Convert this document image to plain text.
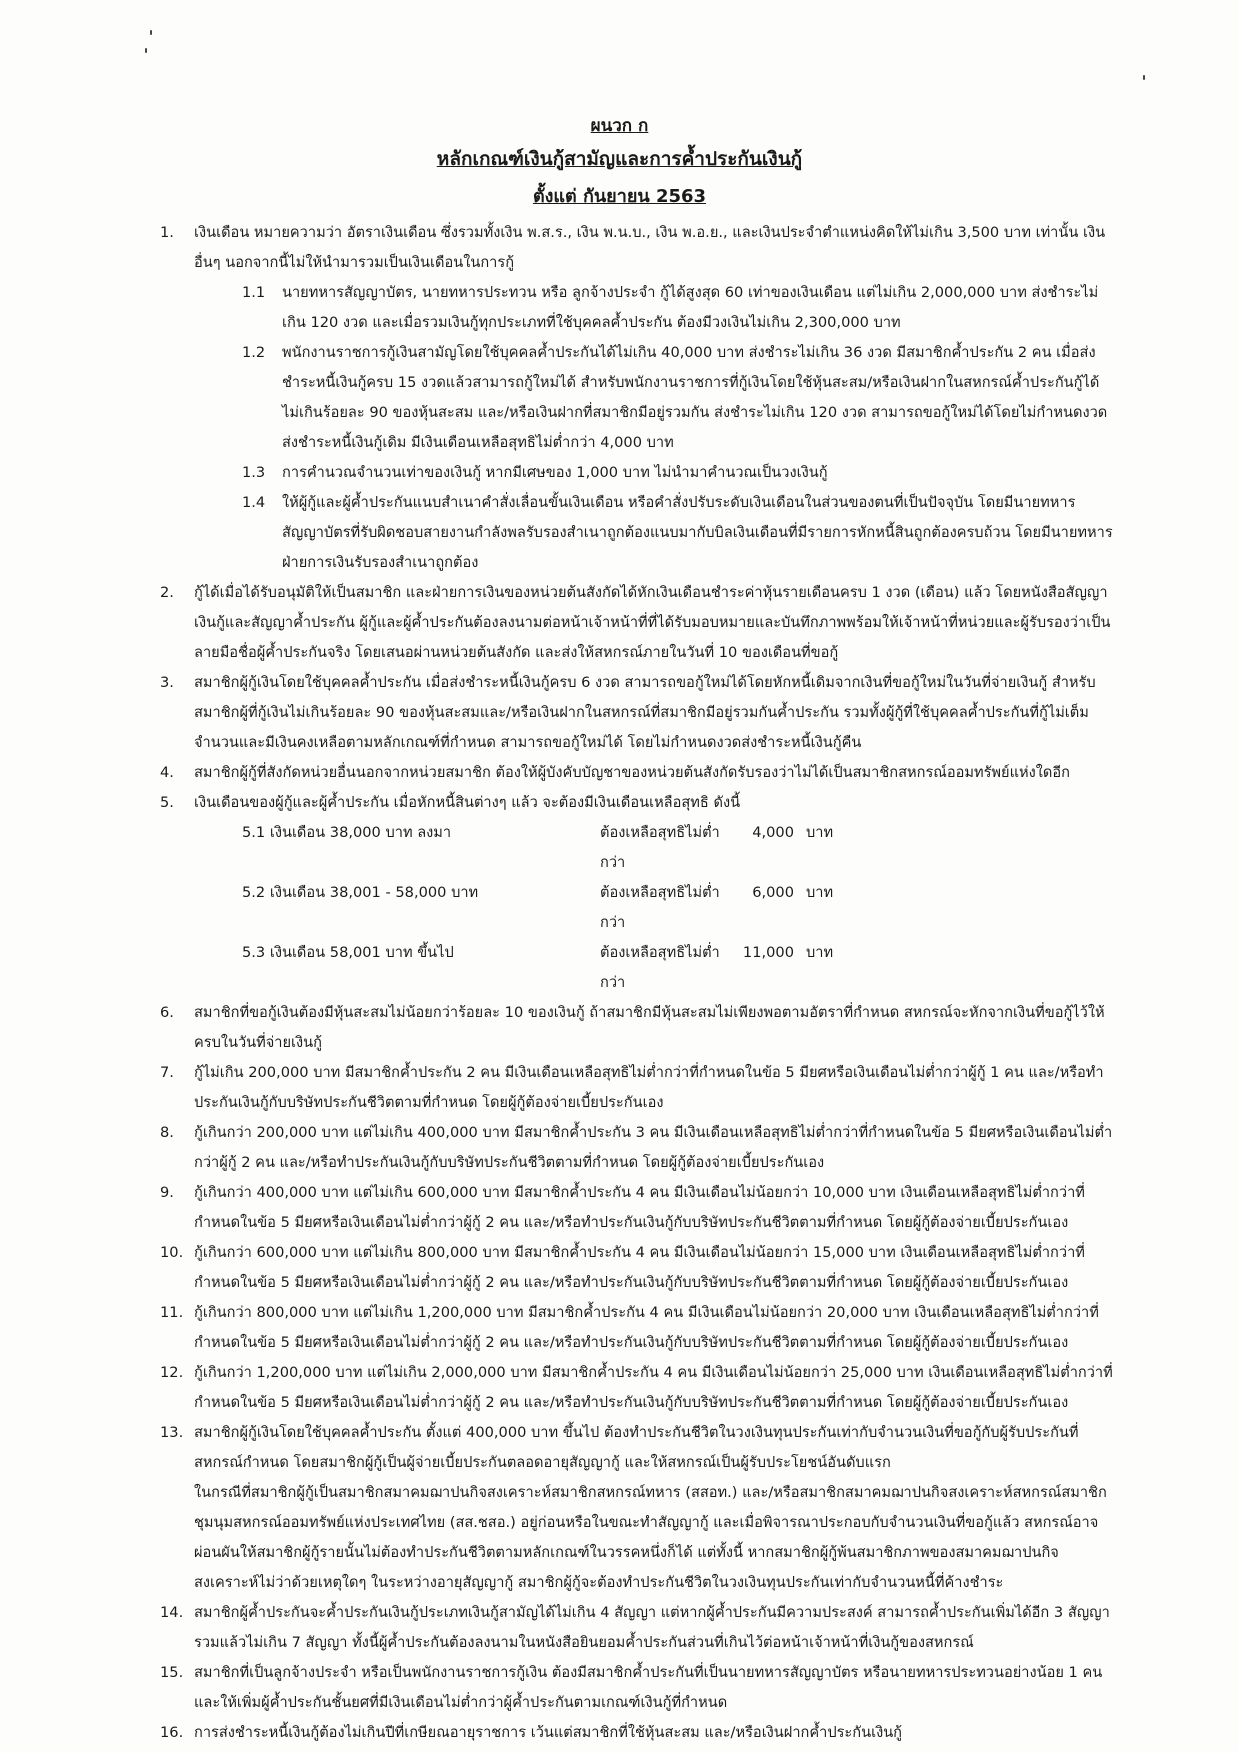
ผนวก ก
หลักเกณฑ์เงินกู้สามัญและการค้ำประกันเงินกู้
ตั้งแต่ กันยายน 2563
1.	เงินเดือน หมายความว่า อัตราเงินเดือน ซึ่งรวมทั้งเงิน พ.ส.ร., เงิน พ.น.บ., เงิน พ.อ.ย., และเงินประจำตำแหน่งคิดให้ไม่เกิน 3,500 บาท เท่านั้น เงินอื่นๆ นอกจากนี้ไม่ให้นำมารวมเป็นเงินเดือนในการกู้
1.1	นายทหารสัญญาบัตร, นายทหารประทวน หรือ ลูกจ้างประจำ กู้ได้สูงสุด 60 เท่าของเงินเดือน แต่ไม่เกิน 2,000,000 บาท ส่งชำระไม่เกิน 120 งวด และเมื่อรวมเงินกู้ทุกประเภทที่ใช้บุคคลค้ำประกัน ต้องมีวงเงินไม่เกิน 2,300,000 บาท
1.2	พนักงานราชการกู้เงินสามัญโดยใช้บุคคลค้ำประกันได้ไม่เกิน 40,000 บาท ส่งชำระไม่เกิน 36 งวด มีสมาชิกค้ำประกัน 2 คน เมื่อส่งชำระหนี้เงินกู้ครบ 15 งวดแล้วสามารถกู้ใหม่ได้ สำหรับพนักงานราชการที่กู้เงินโดยใช้หุ้นสะสม/หรือเงินฝากในสหกรณ์ค้ำประกันกู้ได้ไม่เกินร้อยละ 90 ของหุ้นสะสม และ/หรือเงินฝากที่สมาชิกมีอยู่รวมกัน ส่งชำระไม่เกิน 120 งวด สามารถขอกู้ใหม่ได้โดยไม่กำหนดงวดส่งชำระหนี้เงินกู้เดิม มีเงินเดือนเหลือสุทธิไม่ต่ำกว่า 4,000 บาท
1.3	การคำนวณจำนวนเท่าของเงินกู้ หากมีเศษของ 1,000 บาท ไม่นำมาคำนวณเป็นวงเงินกู้
1.4	ให้ผู้กู้และผู้ค้ำประกันแนบสำเนาคำสั่งเลื่อนขั้นเงินเดือน หรือคำสั่งปรับระดับเงินเดือนในส่วนของตนที่เป็นปัจจุบัน โดยมีนายทหารสัญญาบัตรที่รับผิดชอบสายงานกำลังพลรับรองสำเนาถูกต้องแนบมากับบิลเงินเดือนที่มีรายการหักหนี้สินถูกต้องครบถ้วน โดยมีนายทหารฝ่ายการเงินรับรองสำเนาถูกต้อง
2.	กู้ได้เมื่อได้รับอนุมัติให้เป็นสมาชิก และฝ่ายการเงินของหน่วยต้นสังกัดได้หักเงินเดือนชำระค่าหุ้นรายเดือนครบ 1 งวด (เดือน) แล้ว โดยหนังสือสัญญาเงินกู้และสัญญาค้ำประกัน ผู้กู้และผู้ค้ำประกันต้องลงนามต่อหน้าเจ้าหน้าที่ที่ได้รับมอบหมายและบันทึกภาพพร้อมให้เจ้าหน้าที่หน่วยและผู้รับรองว่าเป็นลายมือชื่อผู้ค้ำประกันจริง โดยเสนอผ่านหน่วยต้นสังกัด และส่งให้สหกรณ์ภายในวันที่ 10 ของเดือนที่ขอกู้
3.	สมาชิกผู้กู้เงินโดยใช้บุคคลค้ำประกัน เมื่อส่งชำระหนี้เงินกู้ครบ 6 งวด สามารถขอกู้ใหม่ได้โดยหักหนี้เดิมจากเงินที่ขอกู้ใหม่ในวันที่จ่ายเงินกู้ สำหรับสมาชิกผู้ที่กู้เงินไม่เกินร้อยละ 90 ของหุ้นสะสมและ/หรือเงินฝากในสหกรณ์ที่สมาชิกมีอยู่รวมกันค้ำประกัน รวมทั้งผู้กู้ที่ใช้บุคคลค้ำประกันที่กู้ไม่เต็มจำนวนและมีเงินคงเหลือตามหลักเกณฑ์ที่กำหนด สามารถขอกู้ใหม่ได้ โดยไม่กำหนดงวดส่งชำระหนี้เงินกู้คืน
4.	สมาชิกผู้กู้ที่สังกัดหน่วยอื่นนอกจากหน่วยสมาชิก ต้องให้ผู้บังคับบัญชาของหน่วยต้นสังกัดรับรองว่าไม่ได้เป็นสมาชิกสหกรณ์ออมทรัพย์แห่งใดอีก
5.	เงินเดือนของผู้กู้และผู้ค้ำประกัน เมื่อหักหนี้สินต่างๆ แล้ว จะต้องมีเงินเดือนเหลือสุทธิ ดังนี้
5.1 เงินเดือน 38,000 บาท ลงมา	ต้องเหลือสุทธิไม่ต่ำกว่า
4,000 บาท
5.2 เงินเดือน 38,001 - 58,000 บาท	ต้องเหลือสุทธิไม่ต่ำกว่า
6,000 บาท
5.3 เงินเดือน 58,001 บาท ขึ้นไป	ต้องเหลือสุทธิไม่ต่ำกว่า
11,000 บาท
6.	สมาชิกที่ขอกู้เงินต้องมีหุ้นสะสมไม่น้อยกว่าร้อยละ 10 ของเงินกู้ ถ้าสมาชิกมีหุ้นสะสมไม่เพียงพอตามอัตราที่กำหนด สหกรณ์จะหักจากเงินที่ขอกู้ไว้ให้ครบในวันที่จ่ายเงินกู้
7.	กู้ไม่เกิน 200,000 บาท มีสมาชิกค้ำประกัน 2 คน มีเงินเดือนเหลือสุทธิไม่ต่ำกว่าที่กำหนดในข้อ 5 มียศหรือเงินเดือนไม่ต่ำกว่าผู้กู้ 1 คน และ/หรือทำประกันเงินกู้กับบริษัทประกันชีวิตตามที่กำหนด โดยผู้กู้ต้องจ่ายเบี้ยประกันเอง
8.	กู้เกินกว่า 200,000 บาท แต่ไม่เกิน 400,000 บาท มีสมาชิกค้ำประกัน 3 คน มีเงินเดือนเหลือสุทธิไม่ต่ำกว่าที่กำหนดในข้อ 5 มียศหรือเงินเดือนไม่ต่ำกว่าผู้กู้ 2 คน และ/หรือทำประกันเงินกู้กับบริษัทประกันชีวิตตามที่กำหนด โดยผู้กู้ต้องจ่ายเบี้ยประกันเอง
9.	กู้เกินกว่า 400,000 บาท แต่ไม่เกิน 600,000 บาท มีสมาชิกค้ำประกัน 4 คน มีเงินเดือนไม่น้อยกว่า 10,000 บาท เงินเดือนเหลือสุทธิไม่ต่ำกว่าที่กำหนดในข้อ 5 มียศหรือเงินเดือนไม่ต่ำกว่าผู้กู้ 2 คน และ/หรือทำประกันเงินกู้กับบริษัทประกันชีวิตตามที่กำหนด โดยผู้กู้ต้องจ่ายเบี้ยประกันเอง
10. กู้เกินกว่า 600,000 บาท แต่ไม่เกิน 800,000 บาท มีสมาชิกค้ำประกัน 4 คน มีเงินเดือนไม่น้อยกว่า 15,000 บาท เงินเดือนเหลือสุทธิไม่ต่ำกว่าที่กำหนดในข้อ 5 มียศหรือเงินเดือนไม่ต่ำกว่าผู้กู้ 2 คน และ/หรือทำประกันเงินกู้กับบริษัทประกันชีวิตตามที่กำหนด โดยผู้กู้ต้องจ่ายเบี้ยประกันเอง
11. กู้เกินกว่า 800,000 บาท แต่ไม่เกิน 1,200,000 บาท มีสมาชิกค้ำประกัน 4 คน มีเงินเดือนไม่น้อยกว่า 20,000 บาท เงินเดือนเหลือสุทธิไม่ต่ำกว่าที่กำหนดในข้อ 5 มียศหรือเงินเดือนไม่ต่ำกว่าผู้กู้ 2 คน และ/หรือทำประกันเงินกู้กับบริษัทประกันชีวิตตามที่กำหนด โดยผู้กู้ต้องจ่ายเบี้ยประกันเอง
12. กู้เกินกว่า 1,200,000 บาท แต่ไม่เกิน 2,000,000 บาท มีสมาชิกค้ำประกัน 4 คน มีเงินเดือนไม่น้อยกว่า 25,000 บาท เงินเดือนเหลือสุทธิไม่ต่ำกว่าที่กำหนดในข้อ 5 มียศหรือเงินเดือนไม่ต่ำกว่าผู้กู้ 2 คน และ/หรือทำประกันเงินกู้กับบริษัทประกันชีวิตตามที่กำหนด โดยผู้กู้ต้องจ่ายเบี้ยประกันเอง
13. สมาชิกผู้กู้เงินโดยใช้บุคคลค้ำประกัน ตั้งแต่ 400,000 บาท ขึ้นไป ต้องทำประกันชีวิตในวงเงินทุนประกันเท่ากับจำนวนเงินที่ขอกู้กับผู้รับประกันที่สหกรณ์กำหนด โดยสมาชิกผู้กู้เป็นผู้จ่ายเบี้ยประกันตลอดอายุสัญญากู้ และให้สหกรณ์เป็นผู้รับประโยชน์อันดับแรก
ในกรณีที่สมาชิกผู้กู้เป็นสมาชิกสมาคมฌาปนกิจสงเคราะห์สมาชิกสหกรณ์ทหาร (สสอท.) และ/หรือสมาชิกสมาคมฌาปนกิจสงเคราะห์สหกรณ์สมาชิกชุมนุมสหกรณ์ออมทรัพย์แห่งประเทศไทย (สส.ชสอ.) อยู่ก่อนหรือในขณะทำสัญญากู้ และเมื่อพิจารณาประกอบกับจำนวนเงินที่ขอกู้แล้ว สหกรณ์อาจผ่อนผันให้สมาชิกผู้กู้รายนั้นไม่ต้องทำประกันชีวิตตามหลักเกณฑ์ในวรรคหนึ่งก็ได้ แต่ทั้งนี้ หากสมาชิกผู้กู้พ้นสมาชิกภาพของสมาคมฌาปนกิจสงเคราะห์ไม่ว่าด้วยเหตุใดๆ ในระหว่างอายุสัญญากู้ สมาชิกผู้กู้จะต้องทำประกันชีวิตในวงเงินทุนประกันเท่ากับจำนวนหนี้ที่ค้างชำระ
14. สมาชิกผู้ค้ำประกันจะค้ำประกันเงินกู้ประเภทเงินกู้สามัญได้ไม่เกิน 4 สัญญา แต่หากผู้ค้ำประกันมีความประสงค์ สามารถค้ำประกันเพิ่มได้อีก 3 สัญญา รวมแล้วไม่เกิน 7 สัญญา ทั้งนี้ผู้ค้ำประกันต้องลงนามในหนังสือยินยอมค้ำประกันส่วนที่เกินไว้ต่อหน้าเจ้าหน้าที่เงินกู้ของสหกรณ์
15. สมาชิกที่เป็นลูกจ้างประจำ หรือเป็นพนักงานราชการกู้เงิน ต้องมีสมาชิกค้ำประกันที่เป็นนายทหารสัญญาบัตร หรือนายทหารประทวนอย่างน้อย 1 คน และให้เพิ่มผู้ค้ำประกันชั้นยศที่มีเงินเดือนไม่ต่ำกว่าผู้ค้ำประกันตามเกณฑ์เงินกู้ที่กำหนด
16. การส่งชำระหนี้เงินกู้ต้องไม่เกินปีที่เกษียณอายุราชการ เว้นแต่สมาชิกที่ใช้หุ้นสะสม และ/หรือเงินฝากค้ำประกันเงินกู้
